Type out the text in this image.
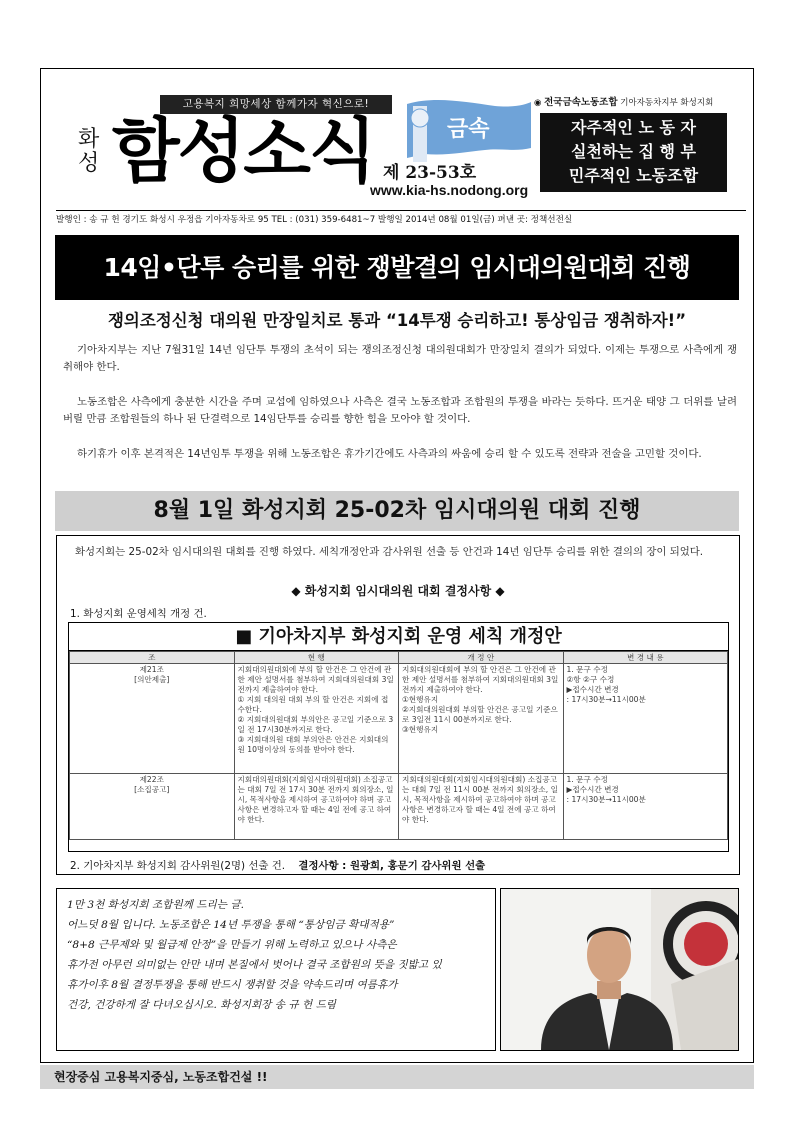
고용복지 희망세상 함께가자 혁신으로!
화
성 함성소식	금속
제 23-53호
www.kia-hs.nodong.org
◉ 전국금속노동조합 기아자동차지부 화성지회
자주적인 노 동 자
실천하는 집 행 부
민주적인 노동조합
발행인 : 송 규 헌 경기도 화성시 우정읍 기아자동차로 95 TEL : (031) 359-6481~7 발행일 2014년 08월 01일(금) 펴낸 곳: 정책선전실
14임•단투 승리를 위한 쟁발결의 임시대의원대회 진행
쟁의조정신청 대의원 만장일치로 통과 “14투쟁 승리하고! 통상임금 쟁취하자!”
기아차지부는 지난 7월31일 14년 임단투 투쟁의 초석이 되는 쟁의조정신청 대의원대회가 만장일치 결의가 되었다. 이제는 투쟁으로 사측에게 쟁취해야 한다.
노동조합은 사측에게 충분한 시간을 주며 교섭에 임하였으나 사측은 결국 노동조합과 조합원의 투쟁을 바라는 듯하다. 뜨거운 태양 그 더위를 날려버릴 만큼 조합원들의 하나 된 단결력으로 14임단투를 승리를 향한 힘을 모아야 할 것이다.
하기휴가 이후 본격적은 14년임투 투쟁을 위해 노동조합은 휴가기간에도 사측과의 싸움에 승리 할 수 있도록 전략과 전술을 고민할 것이다.
8월 1일 화성지회 25-02차 임시대의원 대회 진행
화성지회는 25-02차 임시대의원 대회를 진행 하였다. 세칙개정안과 감사위원 선출 등 안건과 14년 임단투 승리를 위한 결의의 장이 되었다.
◆ 화성지회 임시대의원 대회 결정사항 ◆
1. 화성지회 운영세칙 개정 건.
■ 기아차지부 화성지회 운영 세칙 개정안
조	현 행	개 정 안	변 경 내 용
제21조
[의안제출]	지회대의원대회에 부의 할 안건은 그 안건에 관한 제안 설명서를 첨부하여 지회대의원대회 3일 전까지 제출하여야 한다.
① 지회 대의원 대회 부의 할 안건은 지회에 접수한다.
② 지회대의원대회 부의안은 공고일 기준으로 3일 전 17시30분까지로 한다.
③ 지회대의원 대회 부의안은 안건은 지회대의원 10명이상의 동의를 받아야 한다.	지회대의원대회에 부의 할 안건은 그 안건에 관한 제안 설명서를 첨부하여 지회대의원대회 3일 전까지 제출하여야 한다.
①현행유지
②지회대의원대회 부의할 안건은 공고일 기준으로 3일전 11시 00분까지로 한다.
③현행유지	1. 문구 수정
②항 ②구 수정
▶접수시간 변경
: 17시30분→11시00분
제22조
[소집공고]	지회대의원대회(지회임시대의원대회) 소집공고는 대회 7일 전 17시 30분 전까지 회의장소, 일시, 목적사항을 제시하여 공고하여야 하며 공고사항은 변경하고자 할 때는 4일 전에 공고 하여야 한다.	지회대의원대회(지회임시대의원대회) 소집공고는 대회 7일 전 11시 00분 전까지 회의장소, 일시, 목적사항을 제시하여 공고하여야 하며 공고사항은 변경하고자 할 때는 4일 전에 공고 하여야 한다.	1. 문구 수정
▶접수시간 변경
: 17시30분→11시00분
2. 기아차지부 화성지회 감사위원(2명) 선출 건. 결정사항 : 원광희, 홍문기 감사위원 선출

1만 3천 화성지회 조합원께 드리는 글.

어느덧 8월 입니다. 노동조합은 14년 투쟁을 통해 “통상임금 확대적용”

“8+8 근무제와 및 월급제 안정”을 만들기 위해 노력하고 있으나 사측은

휴가전 아무런 의미없는 안만 내며 본질에서 벗어나 결국 조합원의 뜻을 짓밟고 있

휴가이후 8월 결정투쟁을 통해 반드시 쟁취할 것을 약속드리며 여름휴가

건강, 건강하게 잘 다녀오십시오. 화성지회장 송 규 헌 드림

현장중심 고용복지중심, 노동조합건설 !!
